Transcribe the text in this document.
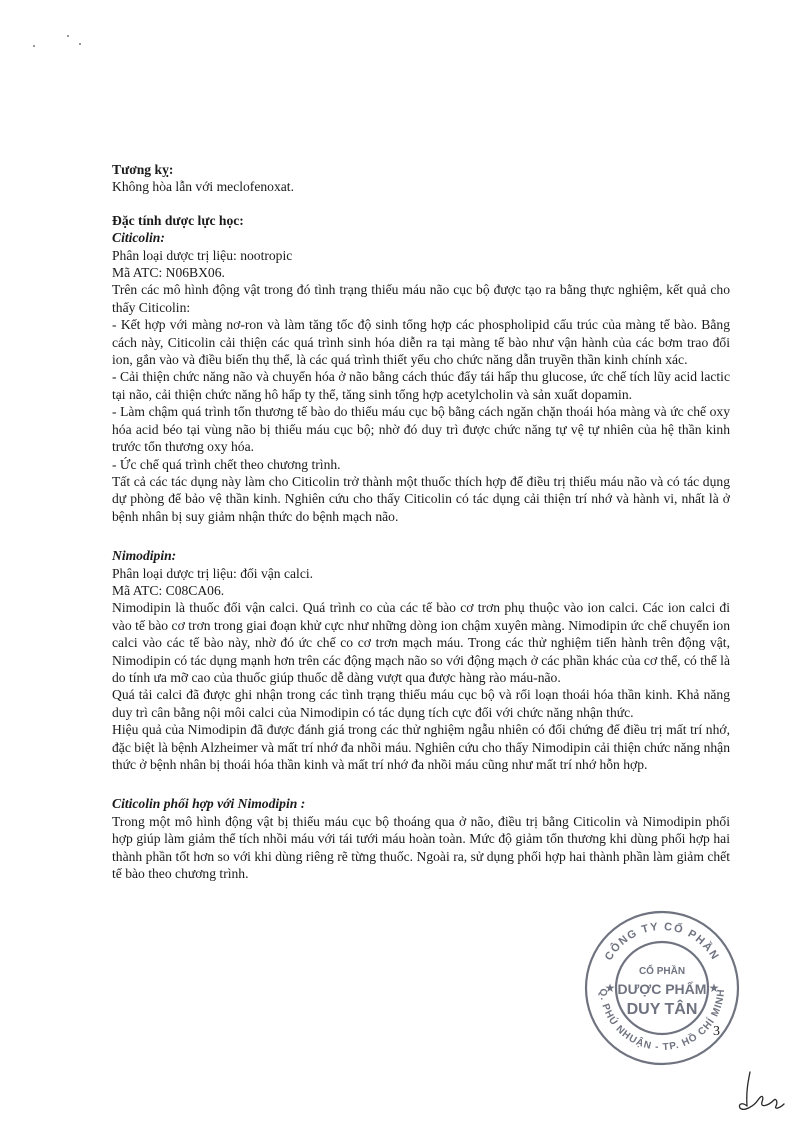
Tương kỵ:

Không hòa lẫn với meclofenoxat.

Đặc tính dược lực học:

Citicolin:

Phân loại dược trị liệu: nootropic

Mã ATC: N06BX06.

Trên các mô hình động vật trong đó tình trạng thiếu máu não cục bộ được tạo ra bằng thực nghiệm, kết quả cho thấy Citicolin:

- Kết hợp với màng nơ-ron và làm tăng tốc độ sinh tổng hợp các phospholipid cấu trúc của màng tế bào. Bằng cách này, Citicolin cải thiện các quá trình sinh hóa diễn ra tại màng tế bào như vận hành của các bơm trao đổi ion, gắn vào và điều biến thụ thể, là các quá trình thiết yếu cho chức năng dẫn truyền thần kinh chính xác.

- Cải thiện chức năng não và chuyển hóa ở não bằng cách thúc đẩy tái hấp thu glucose, ức chế tích lũy acid lactic tại não, cải thiện chức năng hô hấp ty thể, tăng sinh tổng hợp acetylcholin và sản xuất dopamin.

- Làm chậm quá trình tổn thương tế bào do thiếu máu cục bộ bằng cách ngăn chặn thoái hóa màng và ức chế oxy hóa acid béo tại vùng não bị thiếu máu cục bộ; nhờ đó duy trì được chức năng tự vệ tự nhiên của hệ thần kinh trước tổn thương oxy hóa.

- Ức chế quá trình chết theo chương trình.

Tất cả các tác dụng này làm cho Citicolin trở thành một thuốc thích hợp để điều trị thiếu máu não và có tác dụng dự phòng để bảo vệ thần kinh. Nghiên cứu cho thấy Citicolin có tác dụng cải thiện trí nhớ và hành vi, nhất là ở bệnh nhân bị suy giảm nhận thức do bệnh mạch não.

Nimodipin:

Phân loại dược trị liệu: đối vận calci.

Mã ATC: C08CA06.

Nimodipin là thuốc đối vận calci. Quá trình co của các tế bào cơ trơn phụ thuộc vào ion calci. Các ion calci đi vào tế bào cơ trơn trong giai đoạn khử cực như những dòng ion chậm xuyên màng. Nimodipin ức chế chuyển ion calci vào các tế bào này, nhờ đó ức chế co cơ trơn mạch máu. Trong các thử nghiệm tiến hành trên động vật, Nimodipin có tác dụng mạnh hơn trên các động mạch não so với động mạch ở các phần khác của cơ thể, có thể là do tính ưa mỡ cao của thuốc giúp thuốc dễ dàng vượt qua được hàng rào máu-não.

Quá tải calci đã được ghi nhận trong các tình trạng thiếu máu cục bộ và rối loạn thoái hóa thần kinh. Khả năng duy trì cân bằng nội môi calci của Nimodipin có tác dụng tích cực đối với chức năng nhận thức.

Hiệu quả của Nimodipin đã được đánh giá trong các thử nghiệm ngẫu nhiên có đối chứng để điều trị mất trí nhớ, đặc biệt là bệnh Alzheimer và mất trí nhớ đa nhồi máu. Nghiên cứu cho thấy Nimodipin cải thiện chức năng nhận thức ở bệnh nhân bị thoái hóa thần kinh và mất trí nhớ đa nhồi máu cũng như mất trí nhớ hỗn hợp.

Citicolin phối hợp với Nimodipin :

Trong một mô hình động vật bị thiếu máu cục bộ thoáng qua ở não, điều trị bằng Citicolin và Nimodipin phối hợp giúp làm giảm thể tích nhồi máu với tái tưới máu hoàn toàn. Mức độ giảm tổn thương khi dùng phối hợp hai thành phần tốt hơn so với khi dùng riêng rẽ từng thuốc. Ngoài ra, sử dụng phối hợp hai thành phần làm giảm chết tế bào theo chương trình.

CÔNG TY CỔ PHẦN
Q. PHÚ NHUẬN - TP. HỒ CHÍ MINH
CỔ PHẦN
DƯỢC PHẨM
DUY TÂN
★	★
3
